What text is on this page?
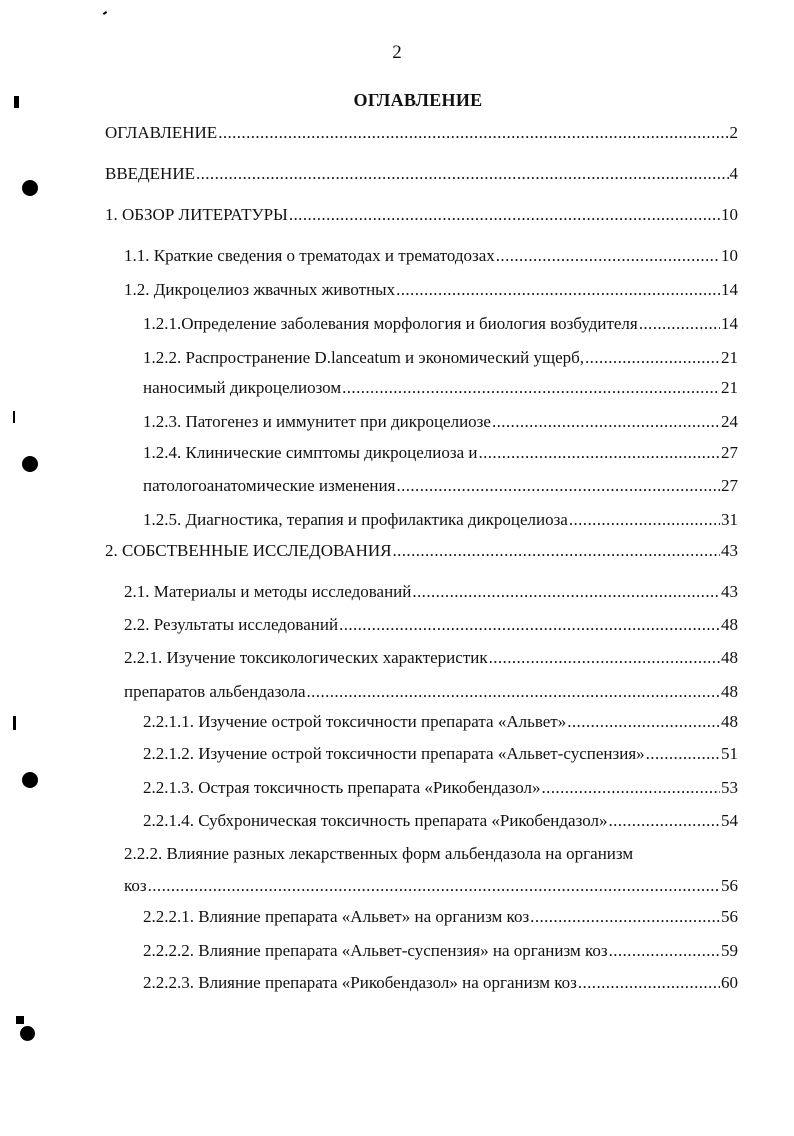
2
ОГЛАВЛЕНИЕ
ОГЛАВЛЕНИЕ .....	2
ВВЕДЕНИЕ .....	4
1. ОБЗОР ЛИТЕРАТУРЫ .....	10
1.1. Краткие сведения о трематодах и трематодозах .....	10
1.2. Дикроцелиоз жвачных животных .....	14
1.2.1.Определение заболевания морфология и биология возбудителя .....	14
1.2.2. Распространение D.lanceatum и экономический ущерб, .....	21
наносимый дикроцелиозом .....	21
1.2.3. Патогенез и иммунитет при дикроцелиозе .....	24
1.2.4. Клинические симптомы дикроцелиоза и .....	27
патологоанатомические изменения .....	27
1.2.5. Диагностика, терапия и профилактика дикроцелиоза .....	31
2. СОБСТВЕННЫЕ ИССЛЕДОВАНИЯ .....	43
2.1. Материалы и методы исследований .....	43
2.2. Результаты исследований .....	48
2.2.1. Изучение токсикологических характеристик .....	48
препаратов альбендазола .....	48
2.2.1.1. Изучение острой токсичности препарата «Альвет» .....	48
2.2.1.2. Изучение острой токсичности препарата «Альвет-суспензия» .....	51
2.2.1.3. Острая токсичность препарата «Рикобендазол» .....	53
2.2.1.4. Субхроническая токсичность препарата «Рикобендазол» .....	54
2.2.2. Влияние разных лекарственных форм альбендазола на организм
коз .....	56
2.2.2.1. Влияние препарата «Альвет» на организм коз .....	56
2.2.2.2. Влияние препарата «Альвет-суспензия» на организм коз .....	59
2.2.2.3. Влияние препарата «Рикобендазол» на организм коз .....	60
